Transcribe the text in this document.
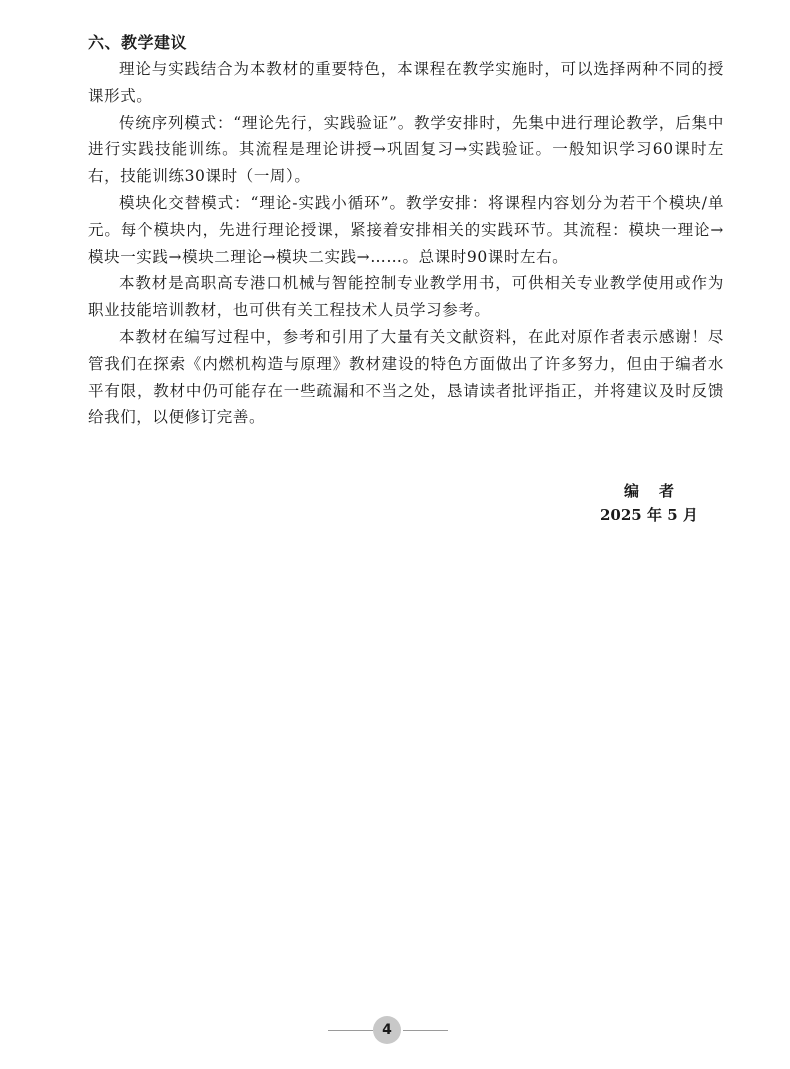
六、教学建议

理论与实践结合为本教材的重要特色，本课程在教学实施时，可以选择两种不同的授课形式。

传统序列模式：“理论先行，实践验证”。教学安排时，先集中进行理论教学，后集中进行实践技能训练。其流程是理论讲授→巩固复习→实践验证。一般知识学习60课时左右，技能训练30课时（一周）。

模块化交替模式：“理论-实践小循环”。教学安排：将课程内容划分为若干个模块/单元。每个模块内，先进行理论授课，紧接着安排相关的实践环节。其流程：模块一理论→模块一实践→模块二理论→模块二实践→……。总课时90课时左右。

本教材是高职高专港口机械与智能控制专业教学用书，可供相关专业教学使用或作为职业技能培训教材，也可供有关工程技术人员学习参考。

本教材在编写过程中，参考和引用了大量有关文献资料，在此对原作者表示感谢！尽管我们在探索《内燃机构造与原理》教材建设的特色方面做出了许多努力，但由于编者水平有限，教材中仍可能存在一些疏漏和不当之处，恳请读者批评指正，并将建议及时反馈给我们，以便修订完善。

编者
2025 年 5 月
4
